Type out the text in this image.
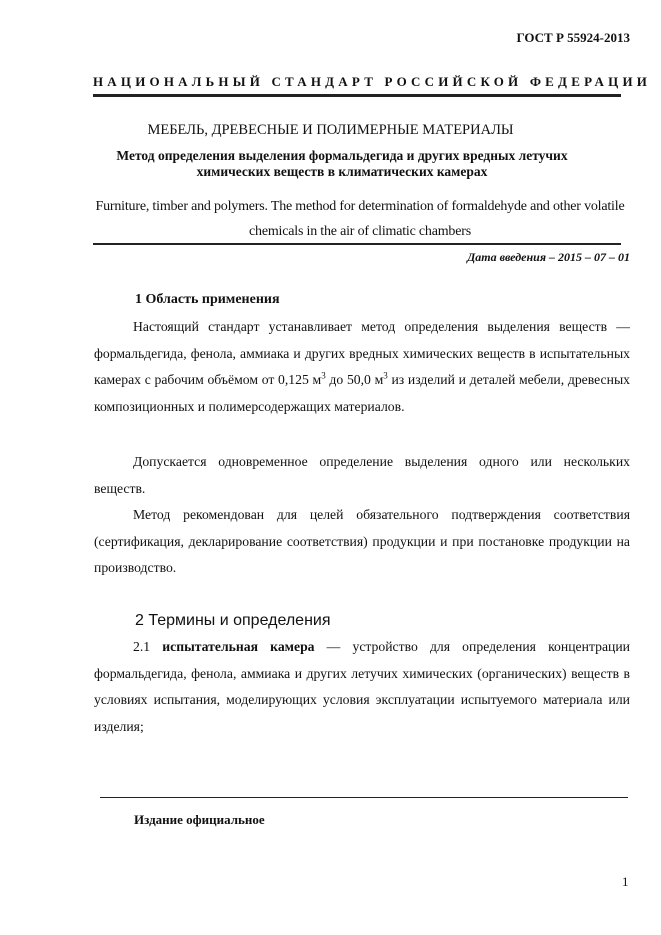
ГОСТ Р 55924-2013
НАЦИОНАЛЬНЫЙ СТАНДАРТ РОССИЙСКОЙ ФЕДЕРАЦИИ
МЕБЕЛЬ, ДРЕВЕСНЫЕ И ПОЛИМЕРНЫЕ МАТЕРИАЛЫ
Метод определения выделения формальдегида и других вредных летучих химических веществ в климатических камерах
Furniture, timber and polymers. The method for determination of formaldehyde and other volatile chemicals in the air of climatic chambers
Дата введения – 2015 – 07 – 01
1 Область применения
Настоящий стандарт устанавливает метод определения выделения веществ — формальдегида, фенола, аммиака и других вредных химических веществ в испытательных камерах с рабочим объёмом от 0,125 $м^3$ до 50,0 $м^3$ из изделий и деталей мебели, древесных композиционных и полимерсодержащих материалов.
Допускается одновременное определение выделения одного или нескольких веществ.
Метод рекомендован для целей обязательного подтверждения соответствия (сертификация, декларирование соответствия) продукции и при постановке продукции на производство.
2 Термины и определения
2.1 испытательная камера — устройство для определения концентрации формальдегида, фенола, аммиака и других летучих химических (органических) веществ в условиях испытания, моделирующих условия эксплуатации испытуемого материала или изделия;
Издание официальное
1
